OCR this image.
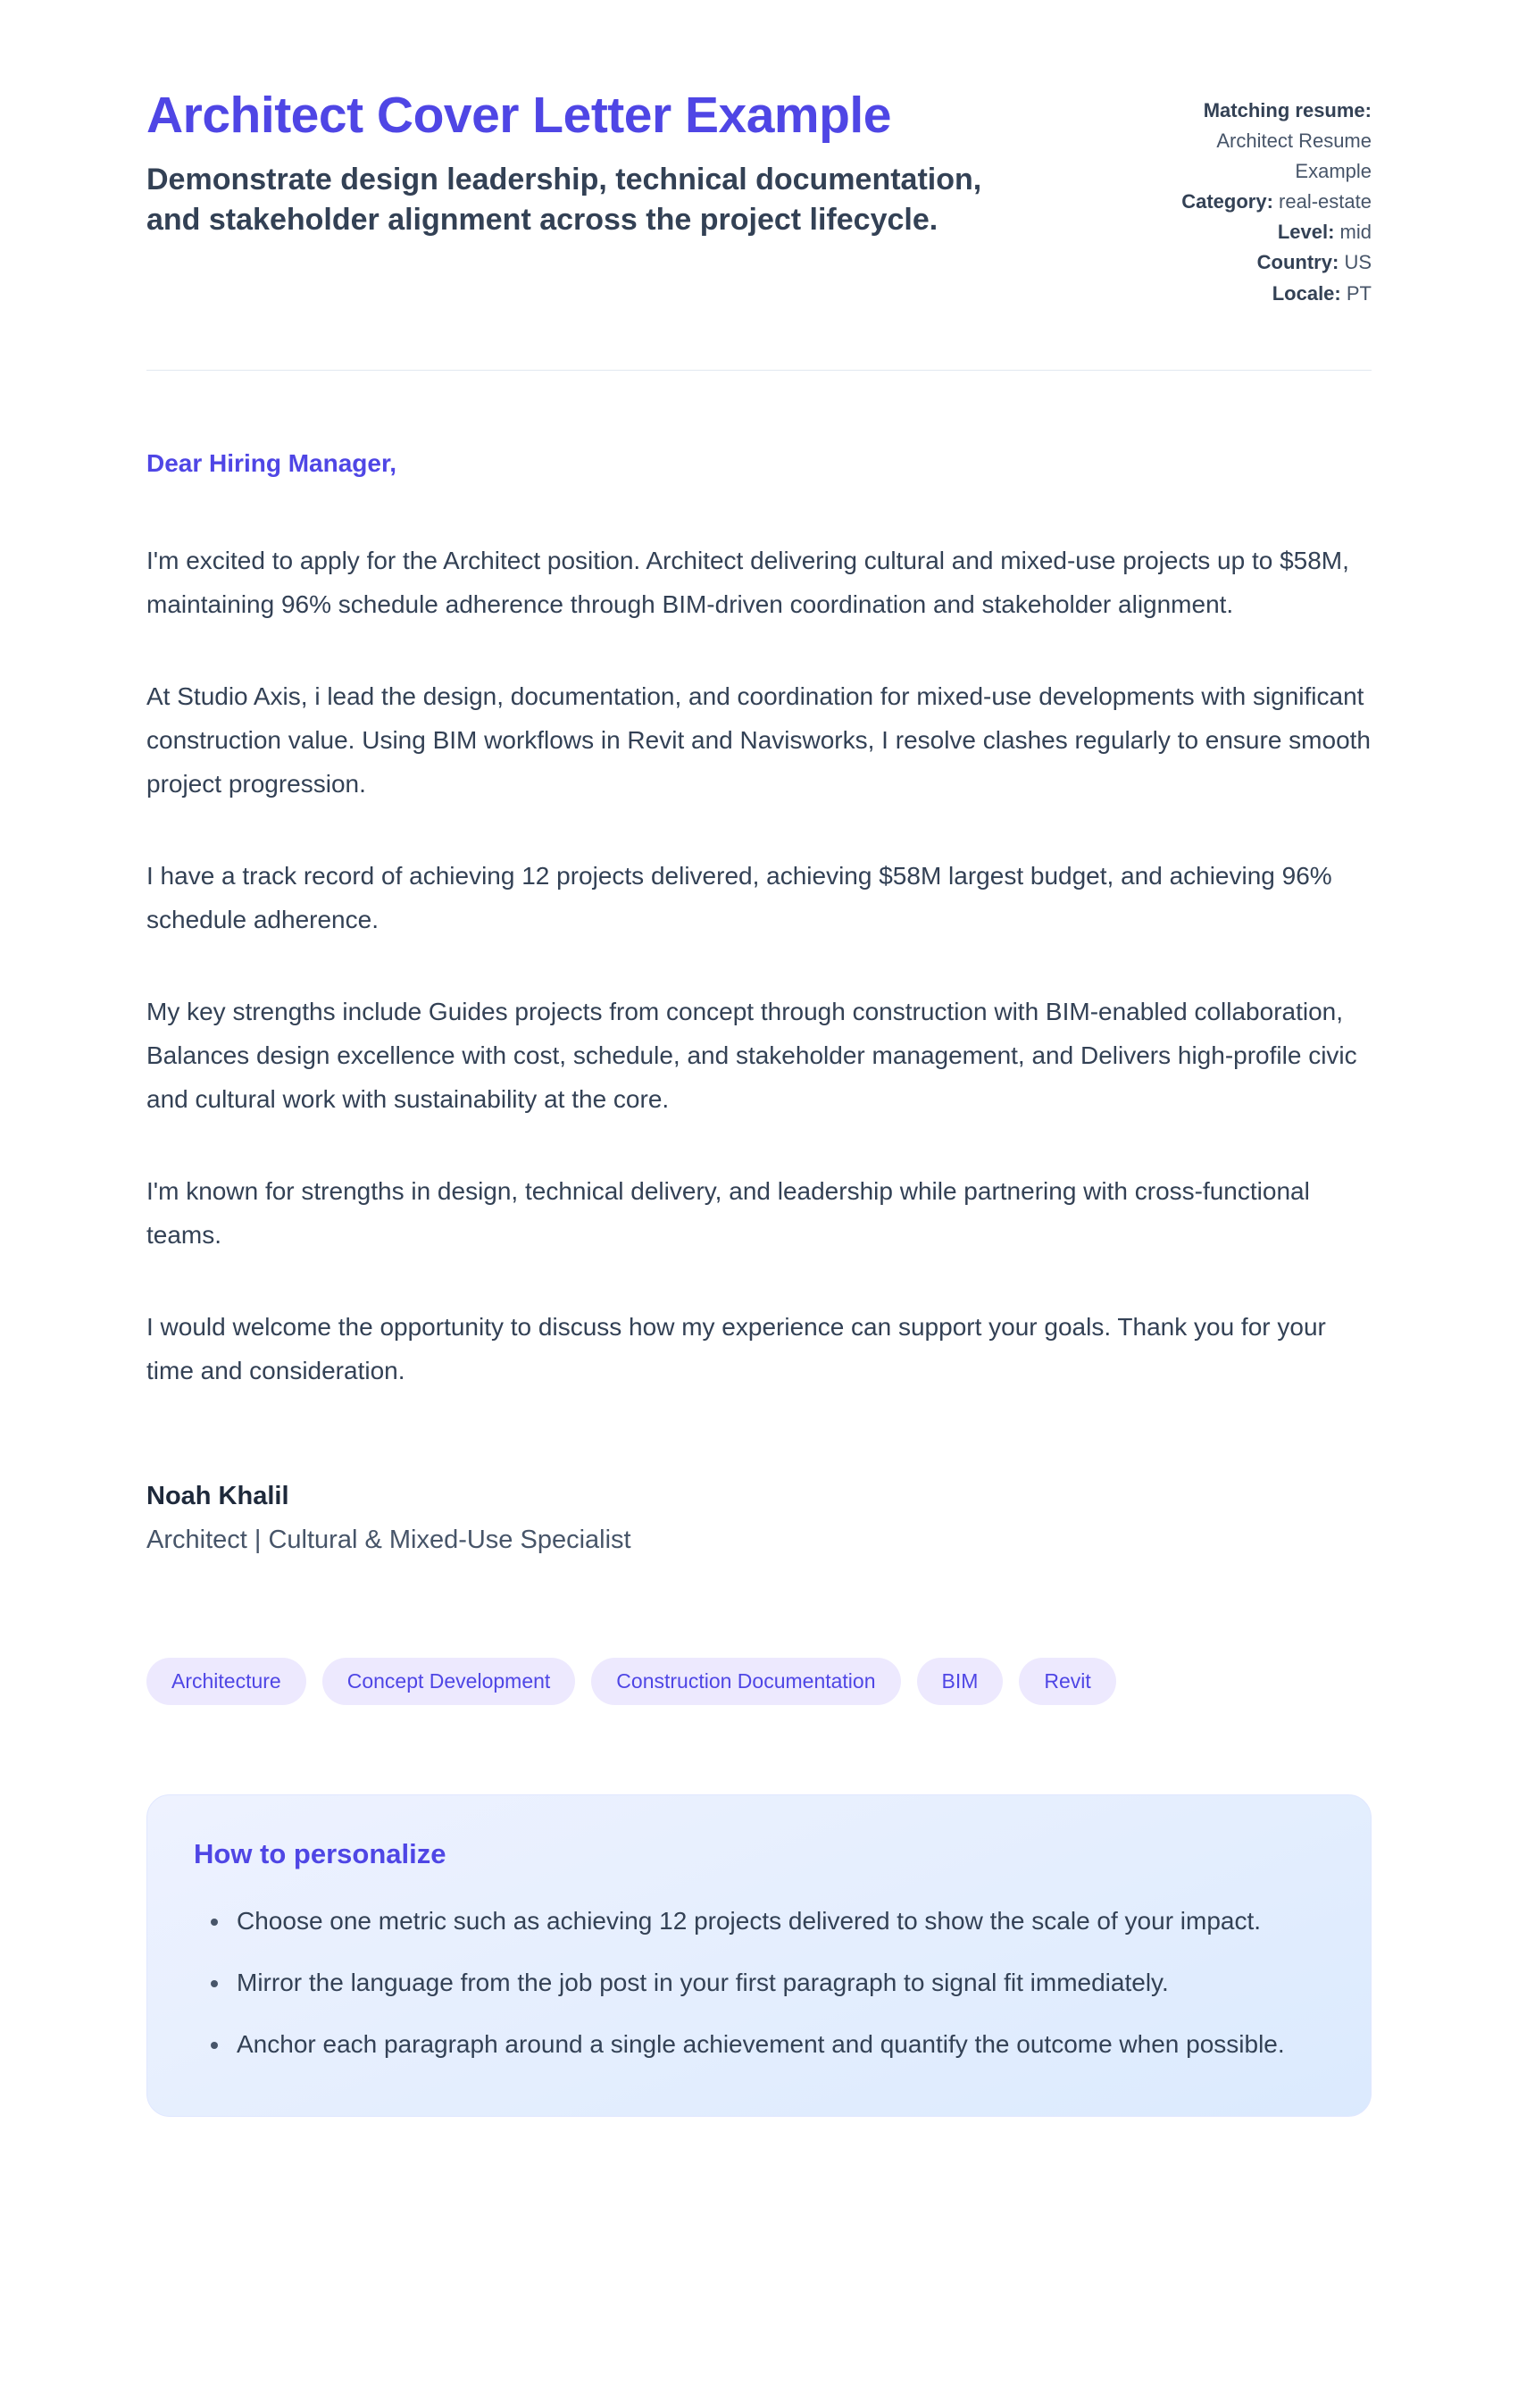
Architect Cover Letter Example
Demonstrate design leadership, technical documentation, and stakeholder alignment across the project lifecycle.
Matching resume: Architect Resume Example
Category: real-estate
Level: mid
Country: US
Locale: PT

Dear Hiring Manager,

I'm excited to apply for the Architect position. Architect delivering cultural and mixed-use projects up to $58M, maintaining 96% schedule adherence through BIM-driven coordination and stakeholder alignment.

At Studio Axis, i lead the design, documentation, and coordination for mixed-use developments with significant construction value. Using BIM workflows in Revit and Navisworks, I resolve clashes regularly to ensure smooth project progression.

I have a track record of achieving 12 projects delivered, achieving $58M largest budget, and achieving 96% schedule adherence.

My key strengths include Guides projects from concept through construction with BIM-enabled collaboration, Balances design excellence with cost, schedule, and stakeholder management, and Delivers high-profile civic and cultural work with sustainability at the core.

I'm known for strengths in design, technical delivery, and leadership while partnering with cross-functional teams.

I would welcome the opportunity to discuss how my experience can support your goals. Thank you for your time and consideration.

Noah Khalil

Architect | Cultural & Mixed-Use Specialist

Architecture	Concept Development	Construction Documentation	BIM	Revit
How to personalize
• Choose one metric such as achieving 12 projects delivered to show the scale of your impact.
• Mirror the language from the job post in your first paragraph to signal fit immediately.
• Anchor each paragraph around a single achievement and quantify the outcome when possible.
